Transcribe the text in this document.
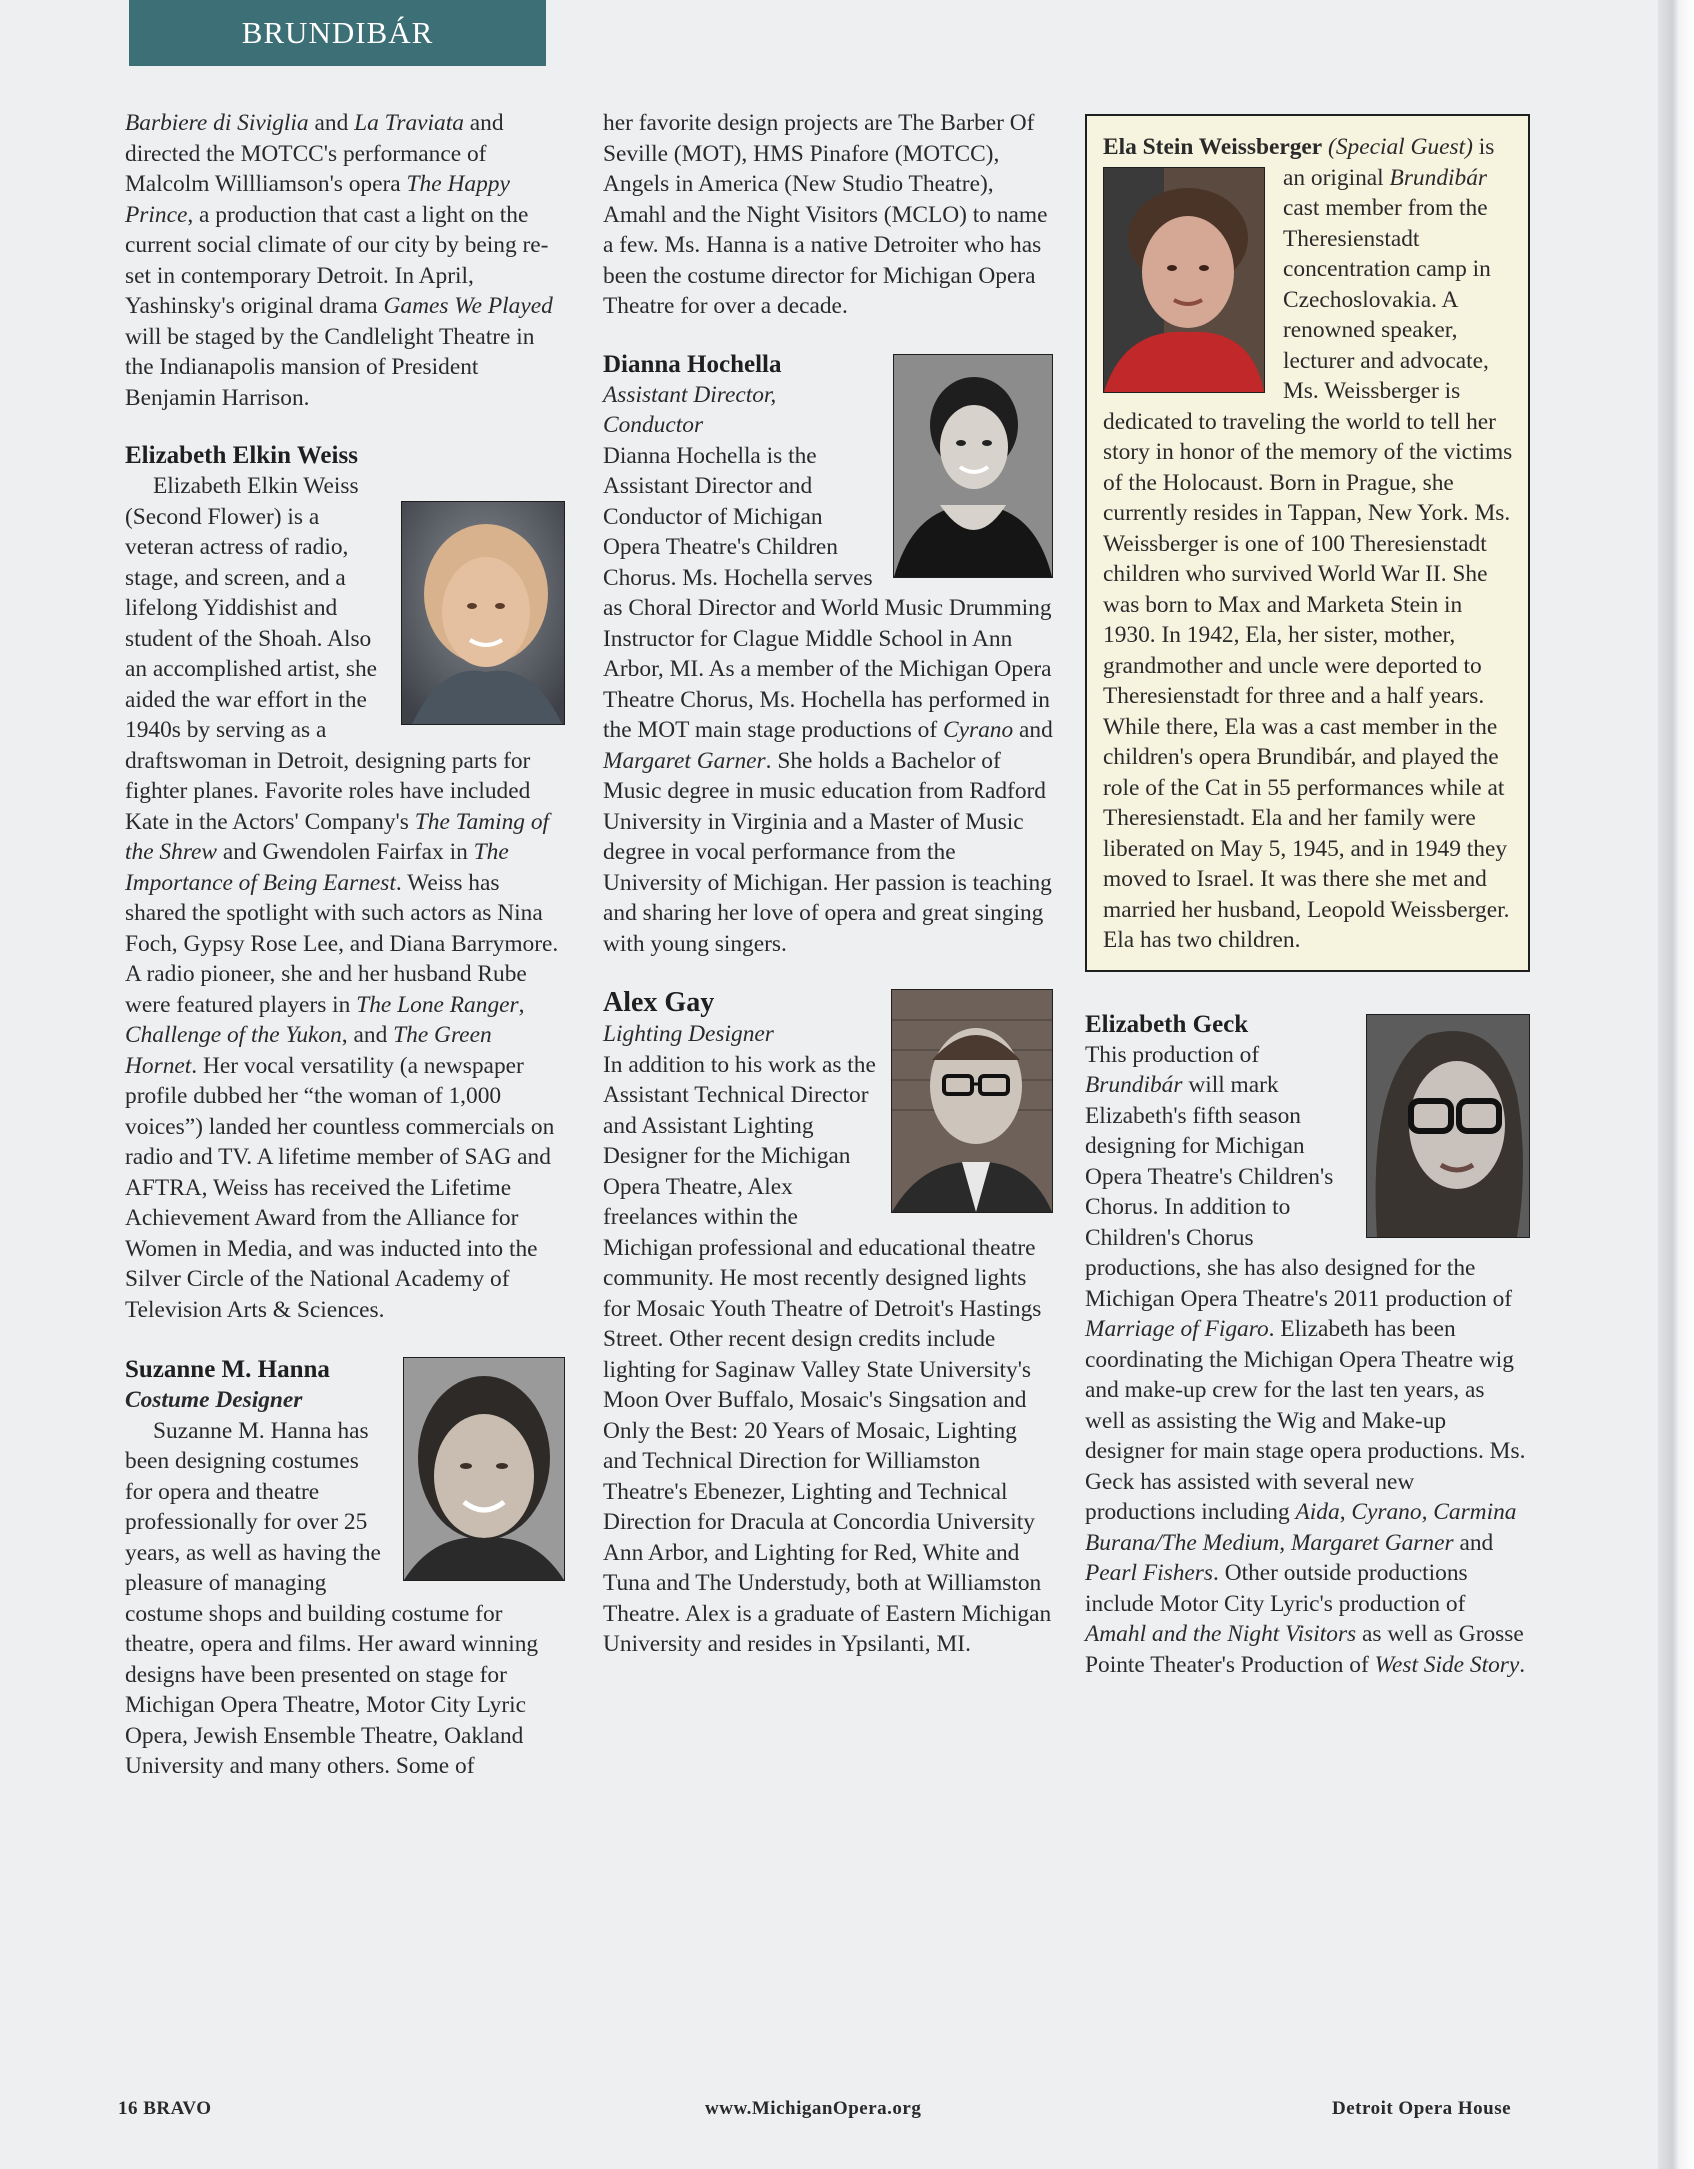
BRUNDIBÁR

Barbiere di Siviglia and La Traviata and directed the MOTCC's performance of Malcolm Willliamson's opera The Happy Prince, a production that cast a light on the current social climate of our city by being re-set in contemporary Detroit. In April, Yashinsky's original drama Games We Played will be staged by the Candlelight Theatre in the Indianapolis mansion of President Benjamin Harrison.

Elizabeth Elkin Weiss

Elizabeth Elkin Weiss (Second Flower) is a veteran actress of radio, stage, and screen, and a lifelong Yiddishist and student of the Shoah. Also an accomplished artist, she aided the war effort in the 1940s by serving as a draftswoman in Detroit, designing parts for fighter planes. Favorite roles have included Kate in the Actors' Company's The Taming of the Shrew and Gwendolen Fairfax in The Importance of Being Earnest. Weiss has shared the spotlight with such actors as Nina Foch, Gypsy Rose Lee, and Diana Barrymore. A radio pioneer, she and her husband Rube were featured players in The Lone Ranger, Challenge of the Yukon, and The Green Hornet. Her vocal versatility (a newspaper profile dubbed her “the woman of 1,000 voices”) landed her countless commercials on radio and TV. A lifetime member of SAG and AFTRA, Weiss has received the Lifetime Achievement Award from the Alliance for Women in Media, and was inducted into the Silver Circle of the National Academy of Television Arts & Sciences.

Suzanne M. Hanna

Costume Designer

Suzanne M. Hanna has been designing costumes for opera and theatre professionally for over 25 years, as well as having the pleasure of managing costume shops and building costume for theatre, opera and films. Her award winning designs have been presented on stage for Michigan Opera Theatre, Motor City Lyric Opera, Jewish Ensemble Theatre, Oakland University and many others. Some of

her favorite design projects are The Barber Of Seville (MOT), HMS Pinafore (MOTCC), Angels in America (New Studio Theatre), Amahl and the Night Visitors (MCLO) to name a few. Ms. Hanna is a native Detroiter who has been the costume director for Michigan Opera Theatre for over a decade.

Dianna Hochella

Assistant Director, Conductor

Dianna Hochella is the Assistant Director and Conductor of Michigan Opera Theatre's Children Chorus. Ms. Hochella serves as Choral Director and World Music Drumming Instructor for Clague Middle School in Ann Arbor, MI. As a member of the Michigan Opera Theatre Chorus, Ms. Hochella has performed in the MOT main stage productions of Cyrano and Margaret Garner. She holds a Bachelor of Music degree in music education from Radford University in Virginia and a Master of Music degree in vocal performance from the University of Michigan. Her passion is teaching and sharing her love of opera and great singing with young singers.

Alex Gay

Lighting Designer

In addition to his work as the Assistant Technical Director and Assistant Lighting Designer for the Michigan Opera Theatre, Alex freelances within the Michigan professional and educational theatre community. He most recently designed lights for Mosaic Youth Theatre of Detroit's Hastings Street. Other recent design credits include lighting for Saginaw Valley State University's Moon Over Buffalo, Mosaic's Singsation and Only the Best: 20 Years of Mosaic, Lighting and Technical Direction for Williamston Theatre's Ebenezer, Lighting and Technical Direction for Dracula at Concordia University Ann Arbor, and Lighting for Red, White and Tuna and The Understudy, both at Williamston Theatre. Alex is a graduate of Eastern Michigan University and resides in Ypsilanti, MI.

Ela Stein Weissberger (Special Guest)
is an original Brundibár cast member from the Theresienstadt concentration camp in Czechoslovakia. A renowned speaker, lecturer and advocate, Ms. Weissberger is dedicated to traveling the world to tell her story in honor of the memory of the victims of the Holocaust. Born in Prague, she currently resides in Tappan, New York. Ms. Weissberger is one of 100 Theresienstadt children who survived World War II. She was born to Max and Marketa Stein in 1930. In 1942, Ela, her sister, mother, grandmother and uncle were deported to Theresienstadt for three and a half years. While there, Ela was a cast member in the children's opera Brundibár, and played the role of the Cat in 55 performances while at Theresienstadt. Ela and her family were liberated on May 5, 1945, and in 1949 they moved to Israel. It was there she met and married her husband, Leopold Weissberger. Ela has two children.

Elizabeth Geck

This production of Brundibár will mark Elizabeth's fifth season designing for Michigan Opera Theatre's Children's Chorus. In addition to Children's Chorus productions, she has also designed for the Michigan Opera Theatre's 2011 production of Marriage of Figaro. Elizabeth has been coordinating the Michigan Opera Theatre wig and make-up crew for the last ten years, as well as assisting the Wig and Make-up designer for main stage opera productions. Ms. Geck has assisted with several new productions including Aida, Cyrano, Carmina Burana/The Medium, Margaret Garner and Pearl Fishers. Other outside productions include Motor City Lyric's production of Amahl and the Night Visitors as well as Grosse Pointe Theater's Production of West Side Story.

16 BRAVO	www.MichiganOpera.org	Detroit Opera House
